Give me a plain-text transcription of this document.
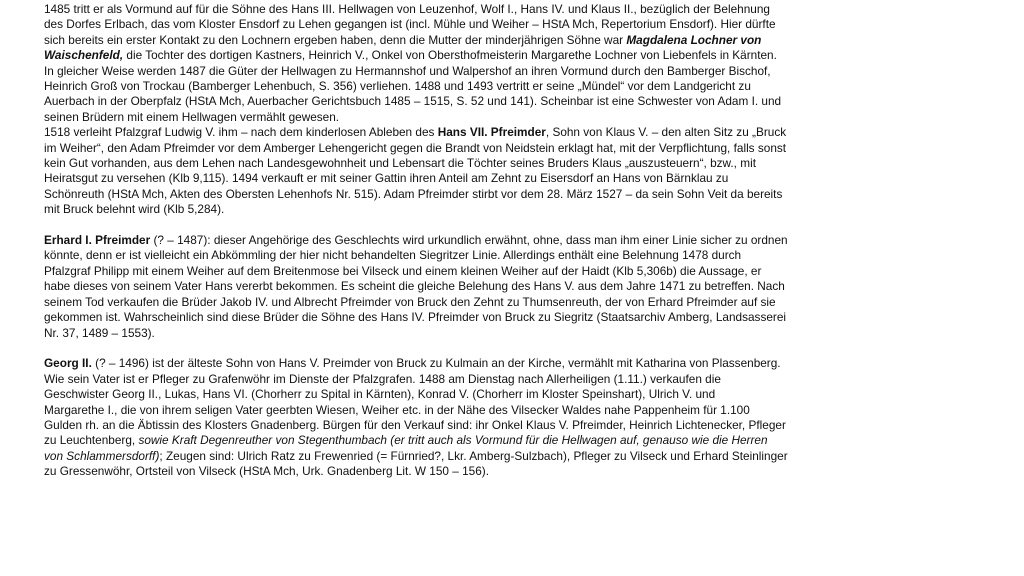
1485 tritt er als Vormund auf für die Söhne des Hans III. Hellwagen von Leuzenhof, Wolf I., Hans IV. und Klaus II., bezüglich der Belehnung
des Dorfes Erlbach, das vom Kloster Ensdorf zu Lehen gegangen ist (incl. Mühle und Weiher – HStA Mch, Repertorium Ensdorf). Hier dürfte
sich bereits ein erster Kontakt zu den Lochnern ergeben haben, denn die Mutter der minderjährigen Söhne war Magdalena Lochner von
Waischenfeld, die Tochter des dortigen Kastners, Heinrich V., Onkel von Obersthofmeisterin Margarethe Lochner von Liebenfels in Kärnten.
In gleicher Weise werden 1487 die Güter der Hellwagen zu Hermannshof und Walpershof an ihren Vormund durch den Bamberger Bischof,
Heinrich Groß von Trockau (Bamberger Lehenbuch, S. 356) verliehen. 1488 und 1493 vertritt er seine „Mündel“ vor dem Landgericht zu
Auerbach in der Oberpfalz (HStA Mch, Auerbacher Gerichtsbuch 1485 – 1515, S. 52 und 141). Scheinbar ist eine Schwester von Adam I. und
seinen Brüdern mit einem Hellwagen vermählt gewesen.
1518 verleiht Pfalzgraf Ludwig V. ihm – nach dem kinderlosen Ableben des Hans VII. Pfreimder, Sohn von Klaus V. – den alten Sitz zu „Bruck
im Weiher“, den Adam Pfreimder vor dem Amberger Lehengericht gegen die Brandt von Neidstein erklagt hat, mit der Verpflichtung, falls sonst
kein Gut vorhanden, aus dem Lehen nach Landesgewohnheit und Lebensart die Töchter seines Bruders Klaus „auszusteuern“, bzw., mit
Heiratsgut zu versehen (Klb 9,115). 1494 verkauft er mit seiner Gattin ihren Anteil am Zehnt zu Eisersdorf an Hans von Bärnklau zu
Schönreuth (HStA Mch, Akten des Obersten Lehenhofs Nr. 515). Adam Pfreimder stirbt vor dem 28. März 1527 – da sein Sohn Veit da bereits
mit Bruck belehnt wird (Klb 5,284).
Erhard I. Pfreimder (? – 1487): dieser Angehörige des Geschlechts wird urkundlich erwähnt, ohne, dass man ihm einer Linie sicher zu ordnen
könnte, denn er ist vielleicht ein Abkömmling der hier nicht behandelten Siegritzer Linie. Allerdings enthält eine Belehnung 1478 durch
Pfalzgraf Philipp mit einem Weiher auf dem Breitenmose bei Vilseck und einem kleinen Weiher auf der Haidt (Klb 5,306b) die Aussage, er
habe dieses von seinem Vater Hans vererbt bekommen. Es scheint die gleiche Belehung des Hans V. aus dem Jahre 1471 zu betreffen. Nach
seinem Tod verkaufen die Brüder Jakob IV. und Albrecht Pfreimder von Bruck den Zehnt zu Thumsenreuth, der von Erhard Pfreimder auf sie
gekommen ist. Wahrscheinlich sind diese Brüder die Söhne des Hans IV. Pfreimder von Bruck zu Siegritz (Staatsarchiv Amberg, Landsasserei
Nr. 37, 1489 – 1553).
Georg II. (? – 1496) ist der älteste Sohn von Hans V. Preimder von Bruck zu Kulmain an der Kirche, vermählt mit Katharina von Plassenberg.
Wie sein Vater ist er Pfleger zu Grafenwöhr im Dienste der Pfalzgrafen. 1488 am Dienstag nach Allerheiligen (1.11.) verkaufen die
Geschwister Georg II., Lukas, Hans VI. (Chorherr zu Spital in Kärnten), Konrad V. (Chorherr im Kloster Speinshart), Ulrich V. und
Margarethe I., die von ihrem seligen Vater geerbten Wiesen, Weiher etc. in der Nähe des Vilsecker Waldes nahe Pappenheim für 1.100
Gulden rh. an die Äbtissin des Klosters Gnadenberg. Bürgen für den Verkauf sind: ihr Onkel Klaus V. Pfreimder, Heinrich Lichtenecker, Pfleger
zu Leuchtenberg, sowie Kraft Degenreuther von Stegenthumbach (er tritt auch als Vormund für die Hellwagen auf, genauso wie die Herren
von Schlammersdorff); Zeugen sind: Ulrich Ratz zu Frewenried (= Fürnried?, Lkr. Amberg-Sulzbach), Pfleger zu Vilseck und Erhard Steinlinger
zu Gressenwöhr, Ortsteil von Vilseck (HStA Mch, Urk. Gnadenberg Lit. W 150 – 156).
